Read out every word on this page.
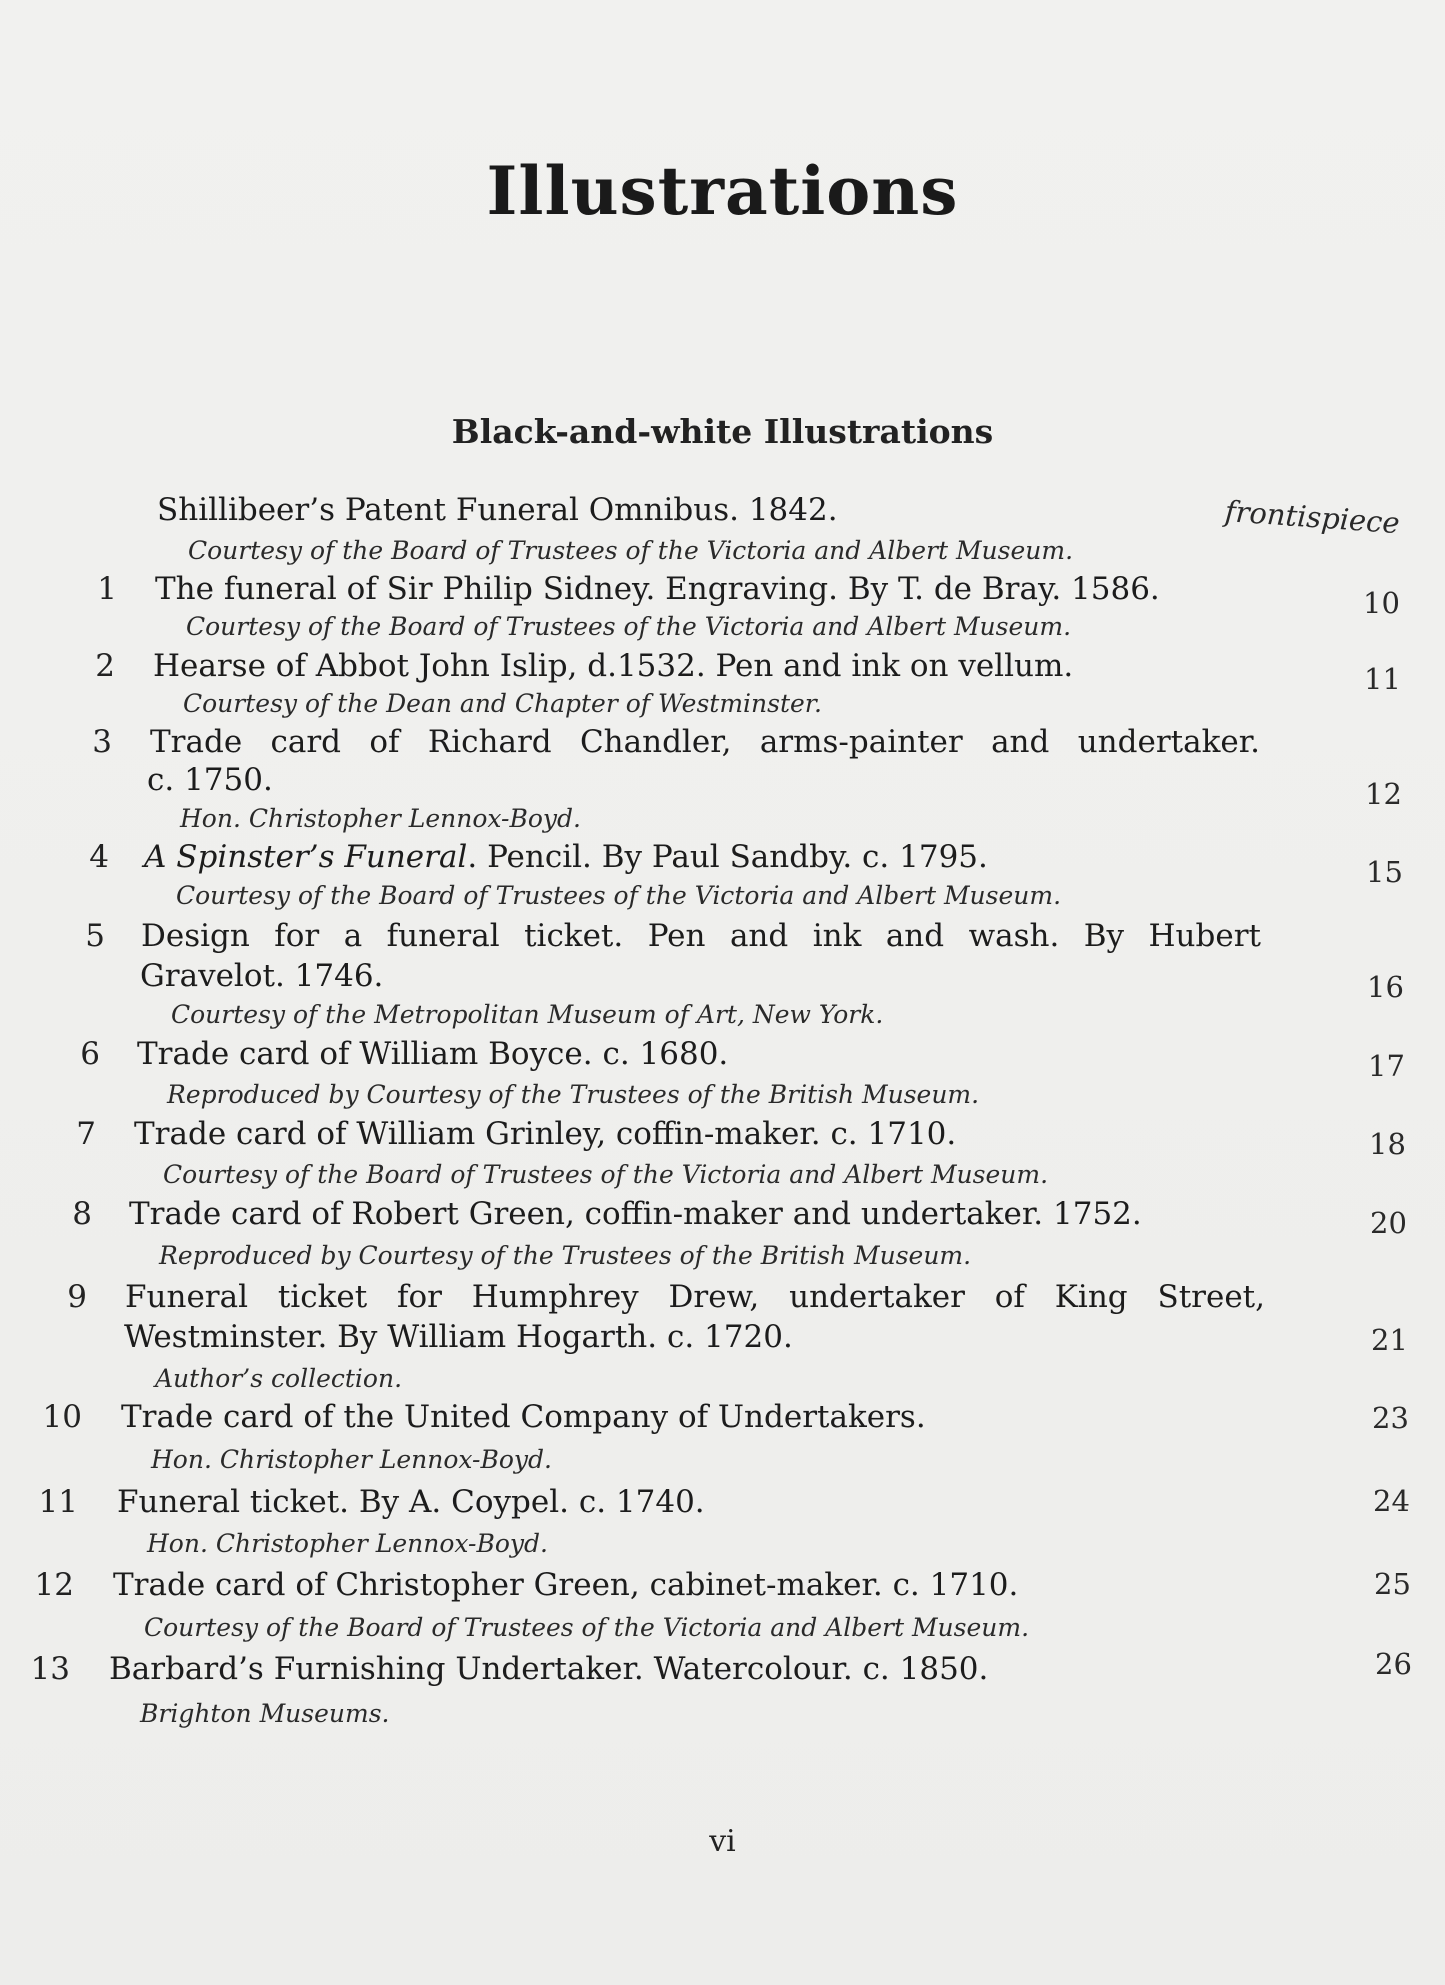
Illustrations
Black-and-white Illustrations
Shillibeer’s Patent Funeral Omnibus. 1842.
Courtesy of the Board of Trustees of the Victoria and Albert Museum.
frontispiece
1 The funeral of Sir Philip Sidney. Engraving. By T. de Bray. 1586.
Courtesy of the Board of Trustees of the Victoria and Albert Museum.
10
2 Hearse of Abbot John Islip, d.1532. Pen and ink on vellum.
Courtesy of the Dean and Chapter of Westminster.
11
3 Trade card of Richard Chandler, arms-painter and undertaker.
c. 1750.
Hon. Christopher Lennox-Boyd.
12
4 A Spinster’s Funeral. Pencil. By Paul Sandby. c. 1795.
Courtesy of the Board of Trustees of the Victoria and Albert Museum.
15
5 Design for a funeral ticket. Pen and ink and wash. By Hubert
Gravelot. 1746.
Courtesy of the Metropolitan Museum of Art, New York.
16
6 Trade card of William Boyce. c. 1680.
Reproduced by Courtesy of the Trustees of the British Museum.
17
7 Trade card of William Grinley, coffin-maker. c. 1710.
Courtesy of the Board of Trustees of the Victoria and Albert Museum.
18
8 Trade card of Robert Green, coffin-maker and undertaker. 1752.
Reproduced by Courtesy of the Trustees of the British Museum.
20
9 Funeral ticket for Humphrey Drew, undertaker of King Street,
Westminster. By William Hogarth. c. 1720.
Author’s collection.
21
10 Trade card of the United Company of Undertakers.
Hon. Christopher Lennox-Boyd.
23
11 Funeral ticket. By A. Coypel. c. 1740.
Hon. Christopher Lennox-Boyd.
24
12 Trade card of Christopher Green, cabinet-maker. c. 1710.
Courtesy of the Board of Trustees of the Victoria and Albert Museum.
25
13 Barbard’s Furnishing Undertaker. Watercolour. c. 1850.
Brighton Museums.
26
vi
